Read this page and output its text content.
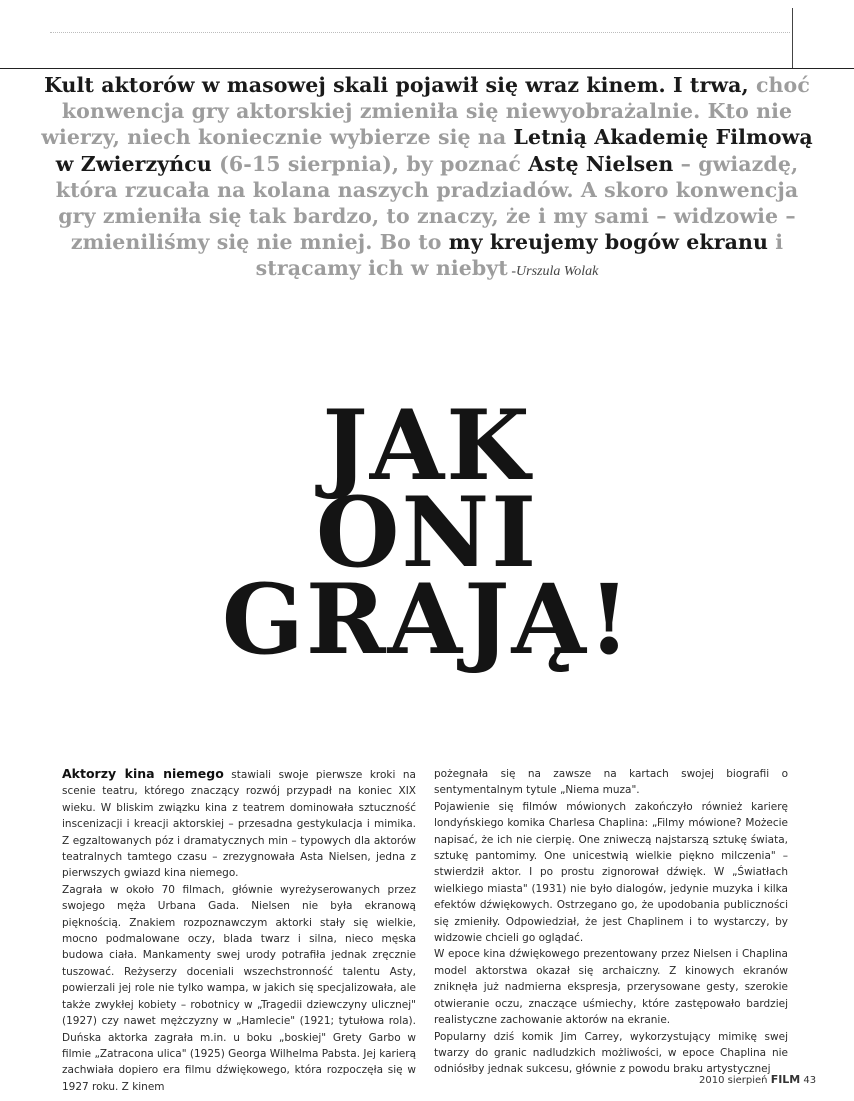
Kult aktorów w masowej skali pojawił się wraz kinem. I trwa, choć konwencja gry aktorskiej zmieniła się niewyobrażalnie. Kto nie wierzy, niech koniecznie wybierze się na Letnią Akademię Filmową w Zwierzyńcu (6-15 sierpnia), by poznać Astę Nielsen – gwiazdę, która rzucała na kolana naszych pradziadów. A skoro konwencja gry zmieniła się tak bardzo, to znaczy, że i my sami – widzowie – zmieniliśmy się nie mniej. Bo to my kreujemy bogów ekranu i strącamy ich w niebyt -Urszula Wolak
JAK
ONI
GRAJĄ!

Aktorzy kina niemego stawiali swoje pierwsze kroki na scenie teatru, którego znaczący rozwój przypadł na koniec XIX wieku. W bliskim związku kina z teatrem dominowała sztuczność inscenizacji i kreacji aktorskiej – przesadna gestykulacja i mimika. Z egzaltowanych póz i dramatycznych min – typowych dla aktorów teatralnych tamtego czasu – zrezygnowała Asta Nielsen, jedna z pierwszych gwiazd kina niemego.

Zagrała w około 70 filmach, głównie wyreżyserowanych przez swojego męża Urbana Gada. Nielsen nie była ekranową pięknością. Znakiem rozpoznawczym aktorki stały się wielkie, mocno podmalowane oczy, blada twarz i silna, nieco męska budowa ciała. Mankamenty swej urody potrafiła jednak zręcznie tuszować. Reżyserzy doceniali wszechstronność talentu Asty, powierzali jej role nie tylko wampa, w jakich się specjalizowała, ale także zwykłej kobiety – robotnicy w „Tragedii dziewczyny ulicznej" (1927) czy nawet mężczyzny w „Hamlecie" (1921; tytułowa rola). Duńska aktorka zagrała m.in. u boku „boskiej" Grety Garbo w filmie „Zatracona ulica" (1925) Georga Wilhelma Pabsta. Jej karierą zachwiała dopiero era filmu dźwiękowego, która rozpoczęła się w 1927 roku. Z kinem

pożegnała się na zawsze na kartach swojej biografii o sentymentalnym tytule „Niema muza".

Pojawienie się filmów mówionych zakończyło również karierę londyńskiego komika Charlesa Chaplina: „Filmy mówione? Możecie napisać, że ich nie cierpię. One zniweczą najstarszą sztukę świata, sztukę pantomimy. One unicestwią wielkie piękno milczenia" – stwierdził aktor. I po prostu zignorował dźwięk. W „Światłach wielkiego miasta" (1931) nie było dialogów, jedynie muzyka i kilka efektów dźwiękowych. Ostrzegano go, że upodobania publiczności się zmieniły. Odpowiedział, że jest Chaplinem i to wystarczy, by widzowie chcieli go oglądać.

W epoce kina dźwiękowego prezentowany przez Nielsen i Chaplina model aktorstwa okazał się archaiczny. Z kinowych ekranów zniknęła już nadmierna ekspresja, przerysowane gesty, szerokie otwieranie oczu, znaczące uśmiechy, które zastępowało bardziej realistyczne zachowanie aktorów na ekranie.

Popularny dziś komik Jim Carrey, wykorzystujący mimikę swej twarzy do granic nadludzkich możliwości, w epoce Chaplina nie odniósłby jednak sukcesu, głównie z powodu braku artystycznej

2010 sierpień FILM 43
